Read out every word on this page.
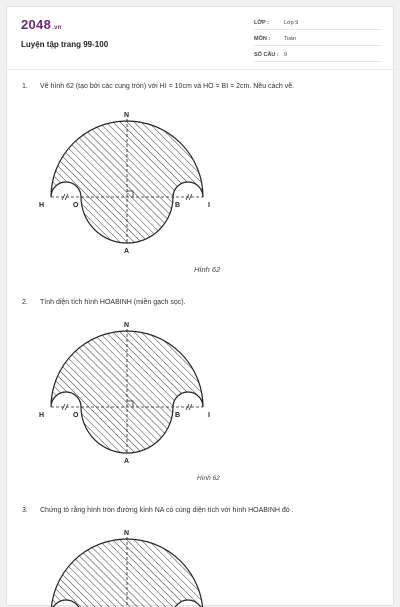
2048.vn
Luyện tập trang 99-100
LỚP :	Lớp 9
MÔN :	Toán
SỐ CÂU : 9
1. Vẽ hình 62 (tạo bởi các cung tròn) với HI = 10cm và HO = BI = 2cm. Nêu cách vẽ.
N
H	O	B	I
A
Hình 62
2. Tính diện tích hình HOABINH (miền gạch sọc).
N
H	O	B	I
A
Hình 62
3. Chứng tỏ rằng hình tròn đường kính NA có cùng diện tích với hình HOABINH đó .
N
